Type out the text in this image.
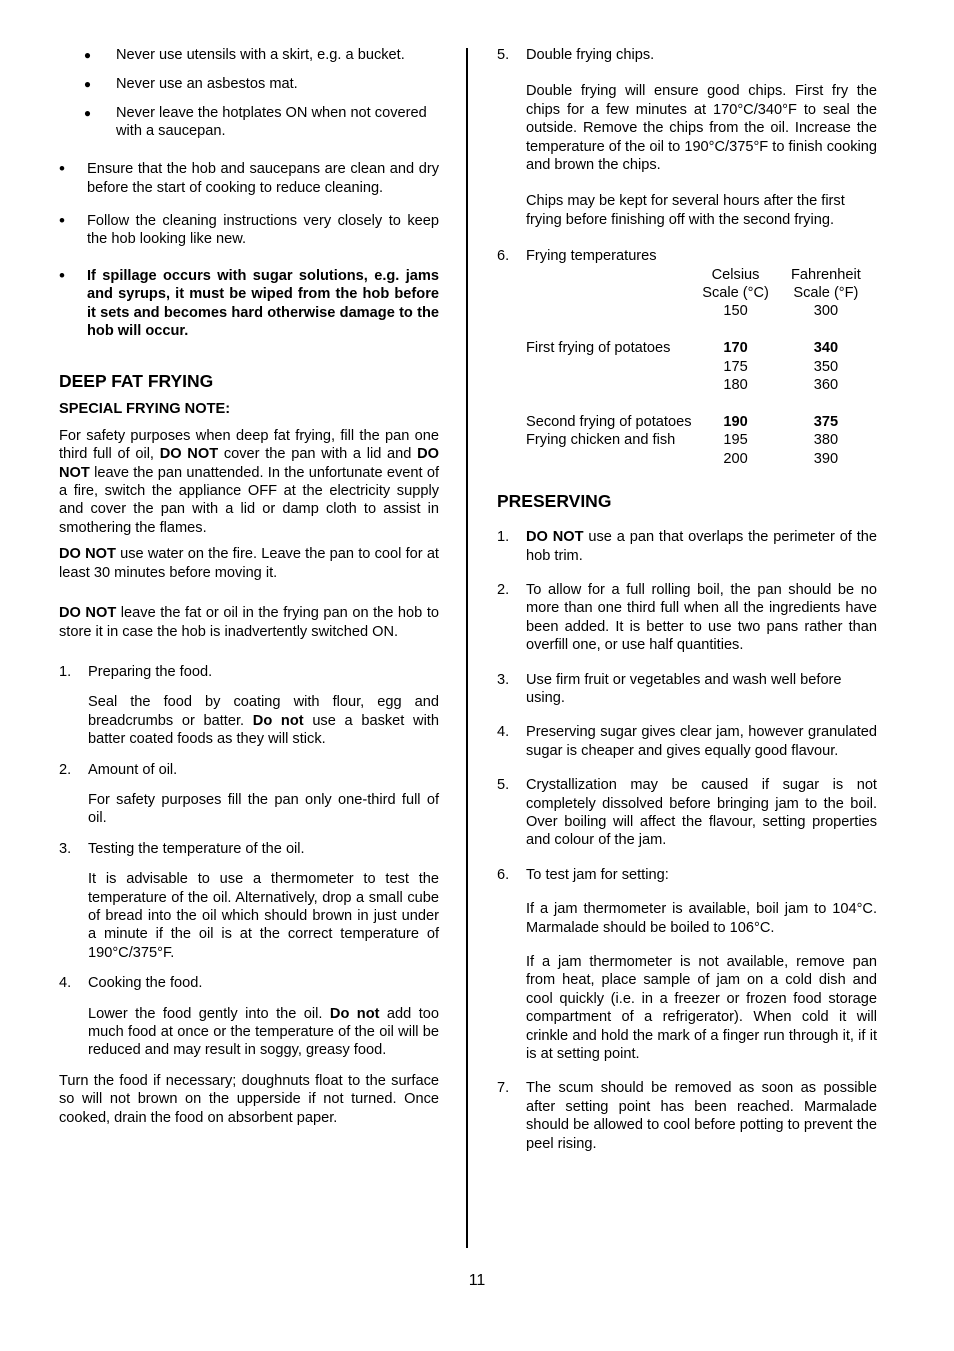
●	Never use utensils with a skirt, e.g. a bucket.
●	Never use an asbestos mat.
●	Never leave the hotplates ON when not covered with a saucepan.
•	Ensure that the hob and saucepans are clean and dry before the start of cooking to reduce cleaning.
•	Follow the cleaning instructions very closely to keep the hob looking like new.
•	If spillage occurs with sugar solutions, e.g. jams and syrups, it must be wiped from the hob before it sets and becomes hard otherwise damage to the hob will occur.
DEEP FAT FRYING
SPECIAL FRYING NOTE:

For safety purposes when deep fat frying, fill the pan one third full of oil, DO NOT cover the pan with a lid and DO NOT leave the pan unattended. In the unfortunate event of a fire, switch the appliance OFF at the electricity supply and cover the pan with a lid or damp cloth to assist in smothering the flames.

DO NOT use water on the fire. Leave the pan to cool for at least 30 minutes before moving it.

DO NOT leave the fat or oil in the frying pan on the hob to store it in case the hob is inadvertently switched ON.

1.	Preparing the food.

Seal the food by coating with flour, egg and breadcrumbs or batter. Do not use a basket with batter coated foods as they will stick.

2.	Amount of oil.

For safety purposes fill the pan only one-third full of oil.

3.	Testing the temperature of the oil.

It is advisable to use a thermometer to test the temperature of the oil. Alternatively, drop a small cube of bread into the oil which should brown in just under a minute if the oil is at the correct temperature of 190°C/375°F.

4.	Cooking the food.

Lower the food gently into the oil. Do not add too much food at once or the temperature of the oil will be reduced and may result in soggy, greasy food.

Turn the food if necessary; doughnuts float to the surface so will not brown on the upperside if not turned. Once cooked, drain the food on absorbent paper.

5.	Double frying chips.

Double frying will ensure good chips. First fry the chips for a few minutes at 170°C/340°F to seal the outside. Remove the chips from the oil. Increase the temperature of the oil to 190°C/375°F to finish cooking and brown the chips.

Chips may be kept for several hours after the first frying before finishing off with the second frying.

6.	Frying temperatures
	Celsius	Fahrenheit
	Scale (°C)	Scale (°F)
	150	300

First frying of potatoes	170	340
	175	350
	180	360

Second frying of potatoes	190	375
Frying chicken and fish	195	380
	200	390
PRESERVING
1.	DO NOT use a pan that overlaps the perimeter of the hob trim.

2.	To allow for a full rolling boil, the pan should be no more than one third full when all the ingredients have been added. It is better to use two pans rather than overfill one, or use half quantities.

3.	Use firm fruit or vegetables and wash well before using.

4.	Preserving sugar gives clear jam, however granulated sugar is cheaper and gives equally good flavour.

5.	Crystallization may be caused if sugar is not completely dissolved before bringing jam to the boil. Over boiling will affect the flavour, setting properties and colour of the jam.

6.	To test jam for setting:

If a jam thermometer is available, boil jam to 104°C. Marmalade should be boiled to 106°C.

If a jam thermometer is not available, remove pan from heat, place sample of jam on a cold dish and cool quickly (i.e. in a freezer or frozen food storage compartment of a refrigerator). When cold it will crinkle and hold the mark of a finger run through it, if it is at setting point.

7.	The scum should be removed as soon as possible after setting point has been reached. Marmalade should be allowed to cool before potting to prevent the peel rising.

11
